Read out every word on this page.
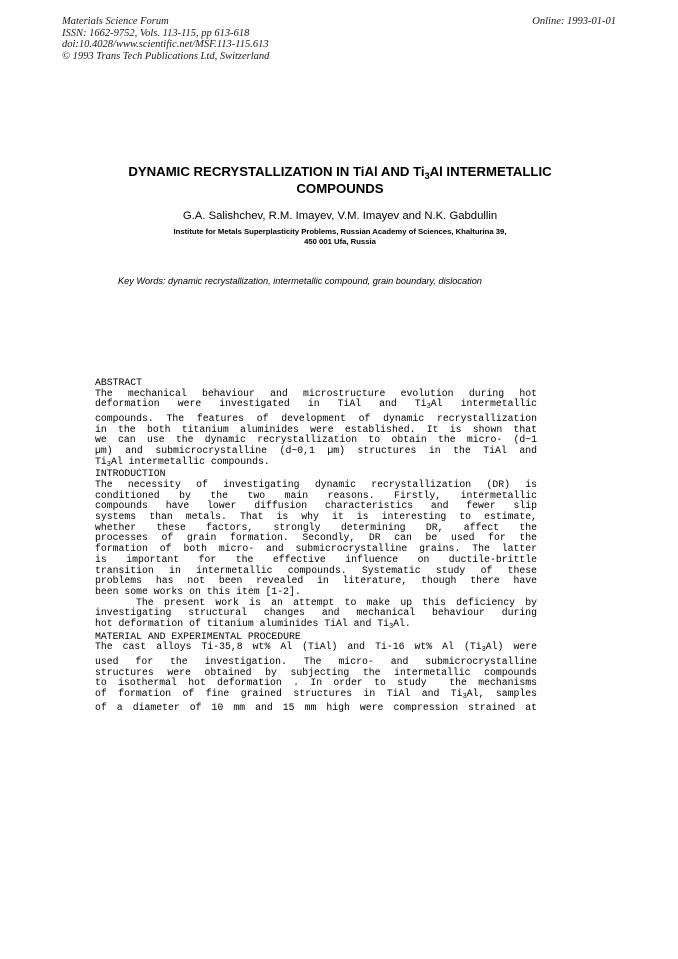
Materials Science Forum
ISSN: 1662-9752, Vols. 113-115, pp 613-618
doi:10.4028/www.scientific.net/MSF.113-115.613
© 1993 Trans Tech Publications Ltd, Switzerland
Online: 1993-01-01
DYNAMIC RECRYSTALLIZATION IN TiAl AND $Ti_3Al$ INTERMETALLIC
COMPOUNDS
G.A. Salishchev, R.M. Imayev, V.M. Imayev and N.K. Gabdullin
Institute for Metals Superplasticity Problems, Russian Academy of Sciences, Khalturina 39,
450 001 Ufa, Russia
Key Words: dynamic recrystallization, intermetallic compound, grain boundary, dislocation
ABSTRACT
The mechanical behaviour and microstructure evolution during hot
deformation were investigated in TiAl and $Ti_3Al$ intermetallic
compounds. The features of development of dynamic recrystallization
in the both titanium aluminides were established. It is shown that
we can use the dynamic recrystallization to obtain the micro- (d~1
µm) and submicrocrystalline (d~0,1 µm) structures in the TiAl and
$Ti_3Al$ intermetallic compounds.
INTRODUCTION
The necessity of investigating dynamic recrystallization (DR) is
conditioned by the two main reasons. Firstly, intermetallic
compounds have lower diffusion characteristics and fewer slip
systems than metals. That is why it is interesting to estimate,
whether these factors, strongly determining DR, affect the
processes of grain formation. Secondly, DR can be used for the
formation of both micro- and submicrocrystalline grains. The latter
is important for the effective influence on ductile-brittle
transition in intermetallic compounds. Systematic study of these
problems has not been revealed in literature, though there have
been some works on this item [1-2].
The present work is an attempt to make up this deficiency by
investigating structural changes and mechanical behaviour during
hot deformation of titanium aluminides TiAl and $Ti_3Al$.
MATERIAL AND EXPERIMENTAL PROCEDURE
The cast alloys Ti-35,8 wt% Al (TiAl) and Ti-16 wt% Al $(Ti_3Al)$ were
used for the investigation. The micro- and submicrocrystalline
structures were obtained by subjecting the intermetallic compounds
to isothermal hot deformation . In order to study  the mechanisms
of formation of fine grained structures in TiAl and $Ti_3Al$, samples
of a diameter of 10 mm and 15 mm high were compression strained at
